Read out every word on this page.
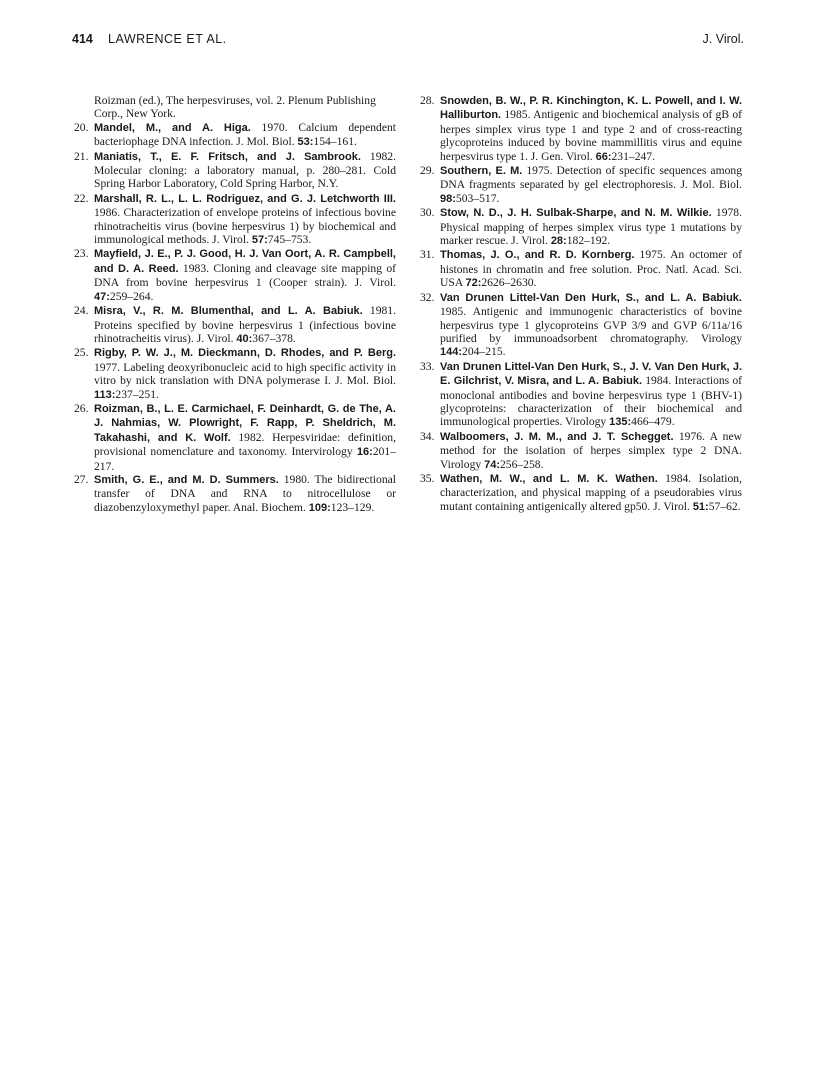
414 LAWRENCE ET AL.	J. Virol.
Roizman (ed.), The herpesviruses, vol. 2. Plenum Publishing Corp., New York.
20. Mandel, M., and A. Higa. 1970. Calcium dependent bacteriophage DNA infection. J. Mol. Biol. 53:154–161.
21. Maniatis, T., E. F. Fritsch, and J. Sambrook. 1982. Molecular cloning: a laboratory manual, p. 280–281. Cold Spring Harbor Laboratory, Cold Spring Harbor, N.Y.
22. Marshall, R. L., L. L. Rodriguez, and G. J. Letchworth III. 1986. Characterization of envelope proteins of infectious bovine rhinotracheitis virus (bovine herpesvirus 1) by biochemical and immunological methods. J. Virol. 57:745–753.
23. Mayfield, J. E., P. J. Good, H. J. Van Oort, A. R. Campbell, and D. A. Reed. 1983. Cloning and cleavage site mapping of DNA from bovine herpesvirus 1 (Cooper strain). J. Virol. 47:259–264.
24. Misra, V., R. M. Blumenthal, and L. A. Babiuk. 1981. Proteins specified by bovine herpesvirus 1 (infectious bovine rhinotracheitis virus). J. Virol. 40:367–378.
25. Rigby, P. W. J., M. Dieckmann, D. Rhodes, and P. Berg. 1977. Labeling deoxyribonucleic acid to high specific activity in vitro by nick translation with DNA polymerase I. J. Mol. Biol. 113:237–251.
26. Roizman, B., L. E. Carmichael, F. Deinhardt, G. de The, A. J. Nahmias, W. Plowright, F. Rapp, P. Sheldrich, M. Takahashi, and K. Wolf. 1982. Herpesviridae: definition, provisional nomenclature and taxonomy. Intervirology 16:201–217.
27. Smith, G. E., and M. D. Summers. 1980. The bidirectional transfer of DNA and RNA to nitrocellulose or diazobenzyloxymethyl paper. Anal. Biochem. 109:123–129.
28. Snowden, B. W., P. R. Kinchington, K. L. Powell, and I. W. Halliburton. 1985. Antigenic and biochemical analysis of gB of herpes simplex virus type 1 and type 2 and of cross-reacting glycoproteins induced by bovine mammillitis virus and equine herpesvirus type 1. J. Gen. Virol. 66:231–247.
29. Southern, E. M. 1975. Detection of specific sequences among DNA fragments separated by gel electrophoresis. J. Mol. Biol. 98:503–517.
30. Stow, N. D., J. H. Sulbak-Sharpe, and N. M. Wilkie. 1978. Physical mapping of herpes simplex virus type 1 mutations by marker rescue. J. Virol. 28:182–192.
31. Thomas, J. O., and R. D. Kornberg. 1975. An octomer of histones in chromatin and free solution. Proc. Natl. Acad. Sci. USA 72:2626–2630.
32. Van Drunen Littel-Van Den Hurk, S., and L. A. Babiuk. 1985. Antigenic and immunogenic characteristics of bovine herpesvirus type 1 glycoproteins GVP 3/9 and GVP 6/11a/16 purified by immunoadsorbent chromatography. Virology 144:204–215.
33. Van Drunen Littel-Van Den Hurk, S., J. V. Van Den Hurk, J. E. Gilchrist, V. Misra, and L. A. Babiuk. 1984. Interactions of monoclonal antibodies and bovine herpesvirus type 1 (BHV-1) glycoproteins: characterization of their biochemical and immunological properties. Virology 135:466–479.
34. Walboomers, J. M. M., and J. T. Schegget. 1976. A new method for the isolation of herpes simplex type 2 DNA. Virology 74:256–258.
35. Wathen, M. W., and L. M. K. Wathen. 1984. Isolation, characterization, and physical mapping of a pseudorabies virus mutant containing antigenically altered gp50. J. Virol. 51:57–62.
